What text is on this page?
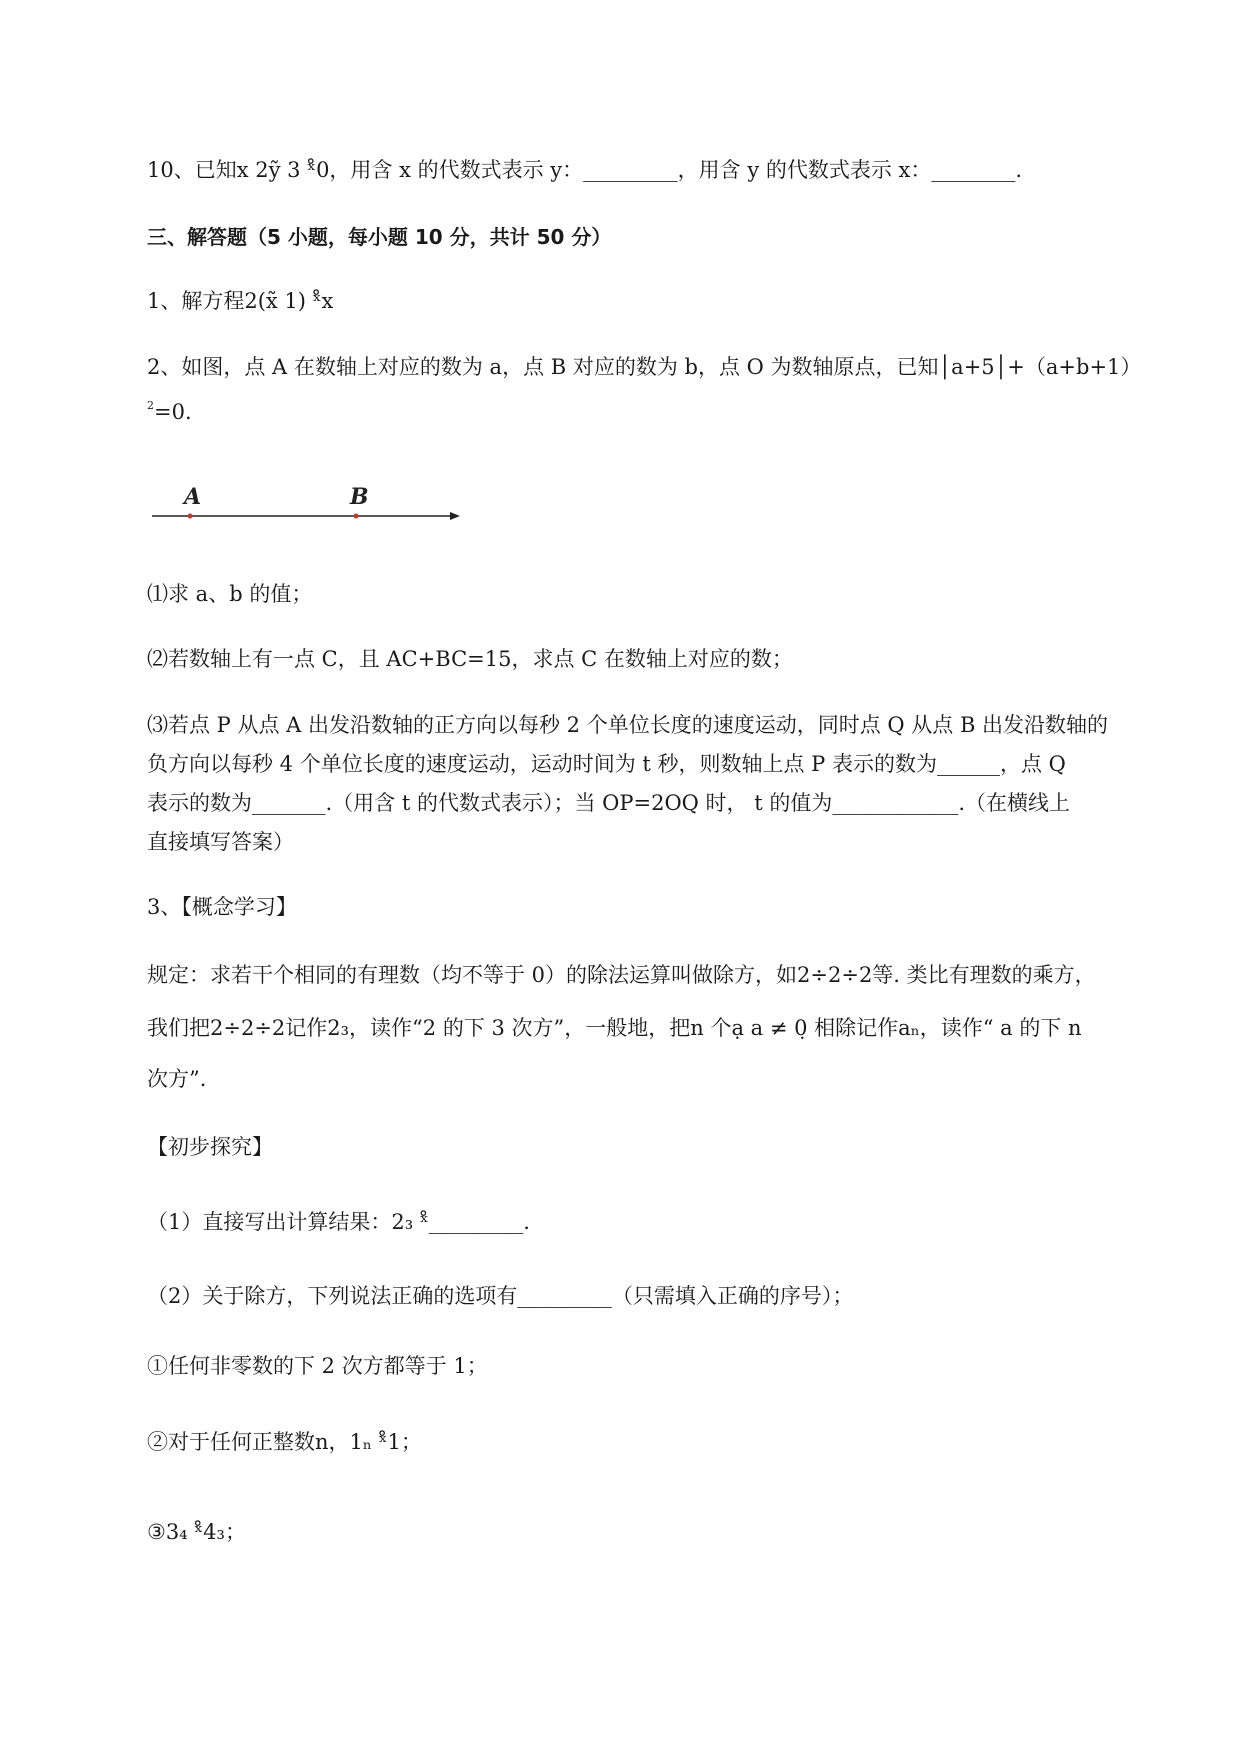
10、已知x 2ỹ 3 ˣ̊0，用含 x 的代数式表示 y：_________，用含 y 的代数式表示 x：________.
三、解答题（5 小题，每小题 10 分，共计 50 分）
1、解方程2(x̃ 1) ˣ̊x
2、如图，点 A 在数轴上对应的数为 a，点 B 对应的数为 b，点 O 为数轴原点，已知│a+5│+（a+b+1）
$^2$=0.
A	B
⑴求 a、b 的值；
⑵若数轴上有一点 C，且 AC+BC=15，求点 C 在数轴上对应的数；
⑶若点 P 从点 A 出发沿数轴的正方向以每秒 2 个单位长度的速度运动，同时点 Q 从点 B 出发沿数轴的
负方向以每秒 4 个单位长度的速度运动，运动时间为 t 秒，则数轴上点 P 表示的数为______，点 Q
表示的数为_______.（用含 t 的代数式表示）；当 OP=2OQ 时， t 的值为____________.（在横线上
直接填写答案）
3、【概念学习】
规定：求若干个相同的有理数（均不等于 0）的除法运算叫做除方，如2÷2÷2等. 类比有理数的乘方，
我们把2÷2÷2记作2₃，读作“2 的下 3 次方”，一般地，把n 个ạ a ≠ 0̣ 相除记作aₙ，读作“ a 的下 n
次方”.
【初步探究】
（1）直接写出计算结果：2₃ ˣ̊_________.
（2）关于除方，下列说法正确的选项有_________（只需填入正确的序号）；
①任何非零数的下 2 次方都等于 1；
②对于任何正整数n，1ₙ ˣ̊1；
③3₄ ˣ̊4₃；
